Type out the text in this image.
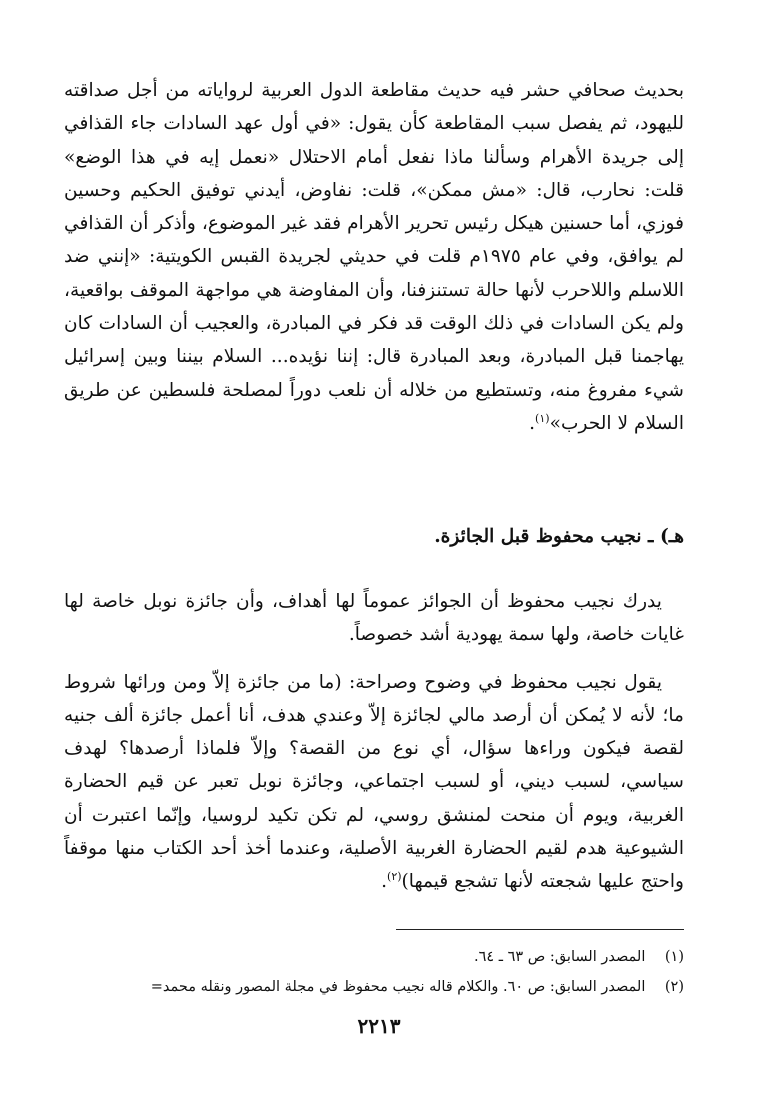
بحديث صحافي حشر فيه حديث مقاطعة الدول العربية لرواياته من أجل صداقته لليهود، ثم يفصل سبب المقاطعة كأن يقول: «في أول عهد السادات جاء القذافي إلى جريدة الأهرام وسألنا ماذا نفعل أمام الاحتلال «نعمل إيه في هذا الوضع» قلت: نحارب، قال: «مش ممكن»، قلت: نفاوض، أيدني توفيق الحكيم وحسين فوزي، أما حسنين هيكل رئيس تحرير الأهرام فقد غير الموضوع، وأذكر أن القذافي لم يوافق، وفي عام ١٩٧٥م قلت في حديثي لجريدة القبس الكويتية: «إنني ضد اللاسلم واللاحرب لأنها حالة تستنزفنا، وأن المفاوضة هي مواجهة الموقف بواقعية، ولم يكن السادات في ذلك الوقت قد فكر في المبادرة، والعجيب أن السادات كان يهاجمنا قبل المبادرة، وبعد المبادرة قال: إننا نؤيده... السلام بيننا وبين إسرائيل شيء مفروغ منه، وتستطيع من خلاله أن نلعب دوراً لمصلحة فلسطين عن طريق السلام لا الحرب»$^{(١)}$.

هـ) ـ نجيب محفوظ قبل الجائزة.

يدرك نجيب محفوظ أن الجوائز عموماً لها أهداف، وأن جائزة نوبل خاصة لها غايات خاصة، ولها سمة يهودية أشد خصوصاً.

يقول نجيب محفوظ في وضوح وصراحة: (ما من جائزة إلاّ ومن ورائها شروط ما؛ لأنه لا يُمكن أن أرصد مالي لجائزة إلاّ وعندي هدف، أنا أعمل جائزة ألف جنيه لقصة فيكون وراءها سؤال، أي نوع من القصة؟ وإلاّ فلماذا أرصدها؟ لهدف سياسي، لسبب ديني، أو لسبب اجتماعي، وجائزة نوبل تعبر عن قيم الحضارة الغربية، ويوم أن منحت لمنشق روسي، لم تكن تكيد لروسيا، وإنّما اعتبرت أن الشيوعية هدم لقيم الحضارة الغربية الأصلية، وعندما أخذ أحد الكتاب منها موقفاً واحتج عليها شجعته لأنها تشجع قيمها)$^{(٢)}$.

(١) المصدر السابق: ص ٦٣ ـ ٦٤.
(٢) المصدر السابق: ص ٦٠. والكلام قاله نجيب محفوظ في مجلة المصور ونقله محمد=
٢٢١٣
